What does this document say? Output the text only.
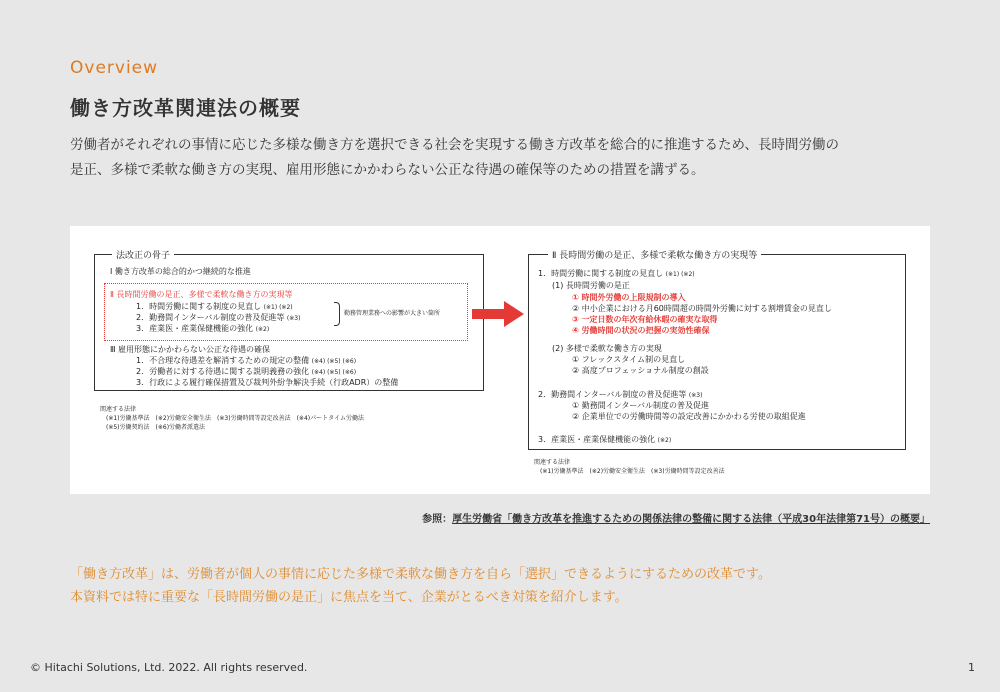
Overview
働き方改革関連法の概要
労働者がそれぞれの事情に応じた多様な働き方を選択できる社会を実現する働き方改革を総合的に推進するため、長時間労働の
是正、多様で柔軟な働き方の実現、雇用形態にかかわらない公正な待遇の確保等のための措置を講ずる。
法改正の骨子
Ⅰ 働き方改革の総合的かつ継続的な推進
Ⅱ 長時間労働の是正、多様で柔軟な働き方の実現等
1．時間労働に関する制度の見直し (※1) (※2)
2．勤務間インターバル制度の普及促進等 (※3)
3．産業医・産業保健機能の強化 (※2)
勤務管理業務への影響が大きい箇所
Ⅲ 雇用形態にかかわらない公正な待遇の確保
1．不合理な待遇差を解消するための規定の整備 (※4) (※5) (※6)
2．労働者に対する待遇に関する説明義務の強化 (※4) (※5) (※6)
3．行政による履行確保措置及び裁判外紛争解決手続（行政ADR）の整備
関連する法律
(※1)労働基準法　(※2)労働安全衛生法　(※3)労働時間等設定改善法　(※4)パートタイム労働法
(※5)労働契約法　(※6)労働者派遣法
Ⅱ 長時間労働の是正、多様で柔軟な働き方の実現等
1．時間労働に関する制度の見直し (※1) (※2)
(1) 長時間労働の是正
① 時間外労働の上限規制の導入
② 中小企業における月60時間超の時間外労働に対する割増賃金の見直し
③ 一定日数の年次有給休暇の確実な取得
④ 労働時間の状況の把握の実効性確保
(2) 多様で柔軟な働き方の実現
① フレックスタイム制の見直し
② 高度プロフェッショナル制度の創設
2．勤務間インターバル制度の普及促進等 (※3)
① 勤務間インターバル制度の普及促進
② 企業単位での労働時間等の設定改善にかかわる労使の取組促進
3．産業医・産業保健機能の強化 (※2)
関連する法律
(※1)労働基準法　(※2)労働安全衛生法　(※3)労働時間等設定改善法
参照：厚生労働省「働き方改革を推進するための関係法律の整備に関する法律（平成30年法律第71号）の概要」
「働き方改革」は、労働者が個人の事情に応じた多様で柔軟な働き方を自ら「選択」できるようにするための改革です。
本資料では特に重要な「長時間労働の是正」に焦点を当て、企業がとるべき対策を紹介します。
© Hitachi Solutions, Ltd. 2022. All rights reserved.	1
